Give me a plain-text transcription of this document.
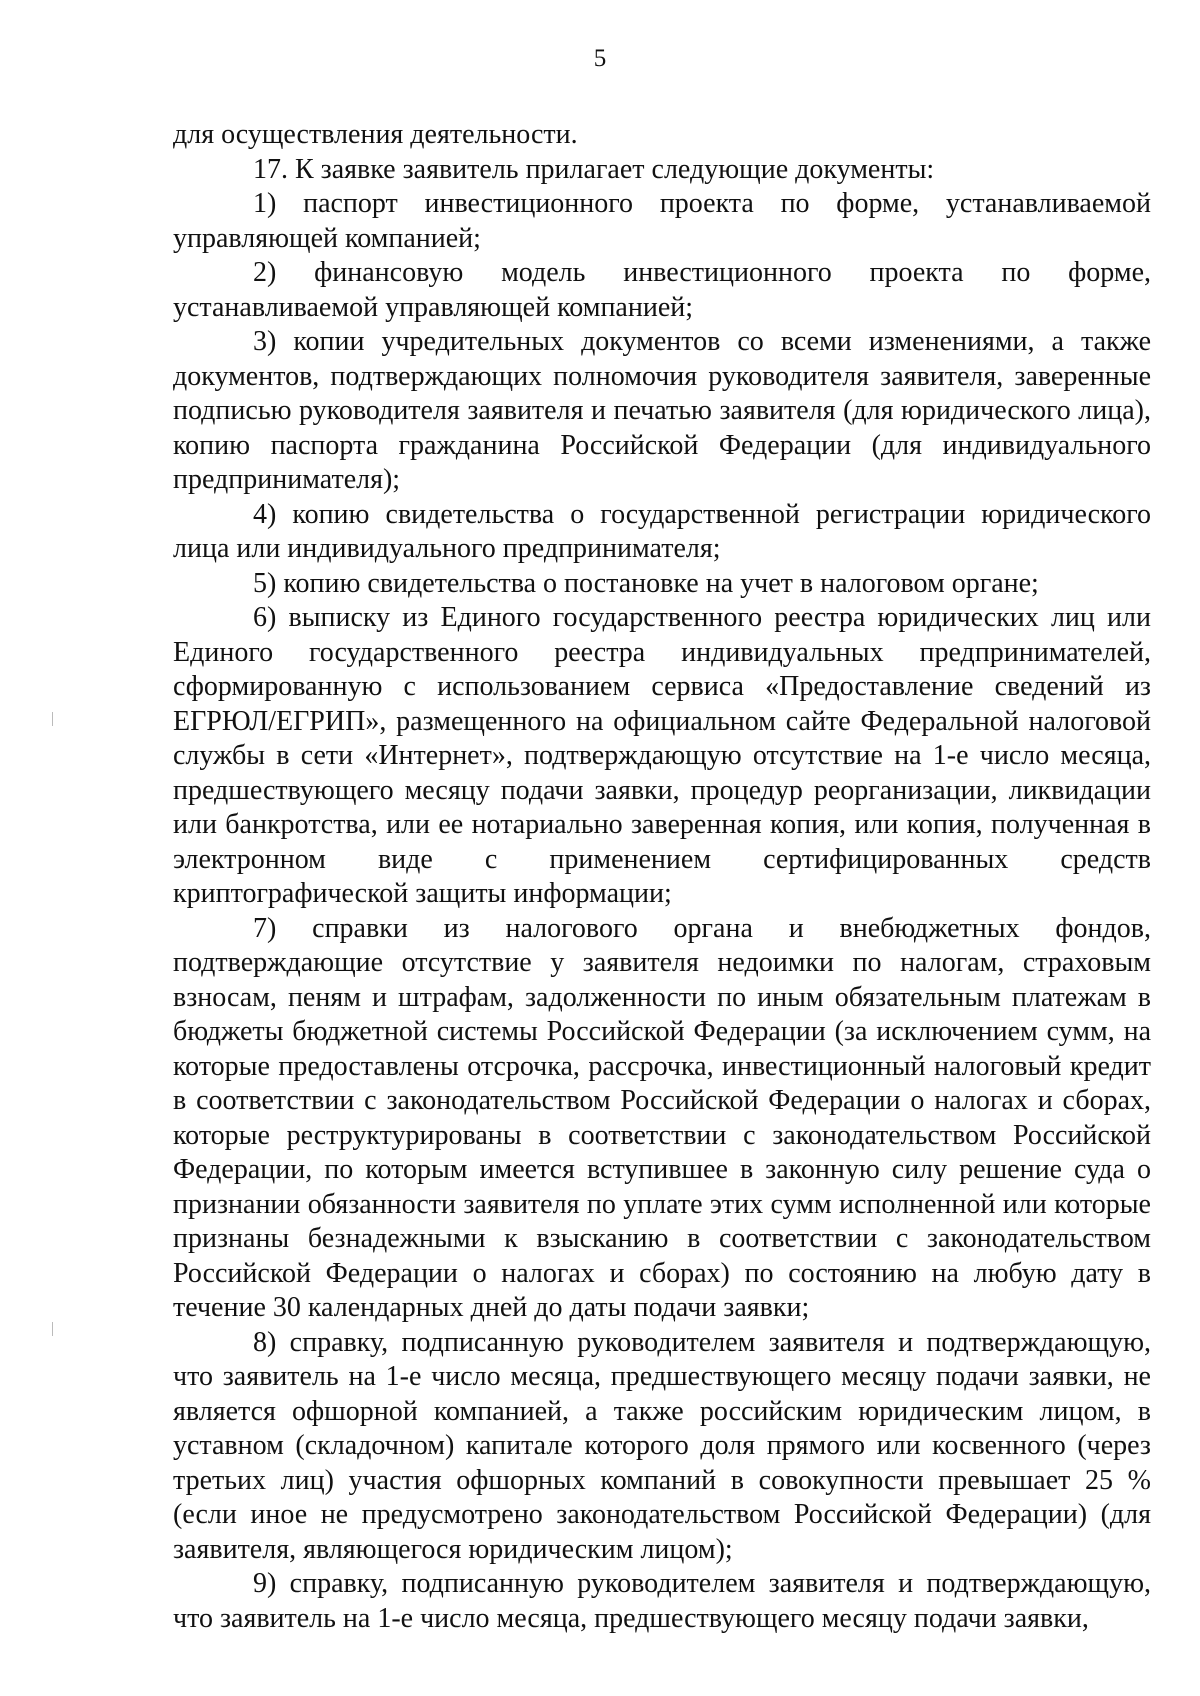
5

для осуществления деятельности.

17. К заявке заявитель прилагает следующие документы:

1) паспорт инвестиционного проекта по форме, устанавливаемой управляющей компанией;

2) финансовую модель инвестиционного проекта по форме, устанавливаемой управляющей компанией;

3) копии учредительных документов со всеми изменениями, а также документов, подтверждающих полномочия руководителя заявителя, заверенные подписью руководителя заявителя и печатью заявителя (для юридического лица), копию паспорта гражданина Российской Федерации (для индивидуального предпринимателя);

4) копию свидетельства о государственной регистрации юридического лица или индивидуального предпринимателя;

5) копию свидетельства о постановке на учет в налоговом органе;

6) выписку из Единого государственного реестра юридических лиц или Единого государственного реестра индивидуальных предпринимателей, сформированную с использованием сервиса «Предоставление сведений из ЕГРЮЛ/ЕГРИП», размещенного на официальном сайте Федеральной налоговой службы в сети «Интернет», подтверждающую отсутствие на 1-е число месяца, предшествующего месяцу подачи заявки, процедур реорганизации, ликвидации или банкротства, или ее нотариально заверенная копия, или копия, полученная в электронном виде с применением сертифицированных средств криптографической защиты информации;

7) справки из налогового органа и внебюджетных фондов, подтверждающие отсутствие у заявителя недоимки по налогам, страховым взносам, пеням и штрафам, задолженности по иным обязательным платежам в бюджеты бюджетной системы Российской Федерации (за исключением сумм, на которые предоставлены отсрочка, рассрочка, инвестиционный налоговый кредит в соответствии с законодательством Российской Федерации о налогах и сборах, которые реструктурированы в соответствии с законодательством Российской Федерации, по которым имеется вступившее в законную силу решение суда о признании обязанности заявителя по уплате этих сумм исполненной или которые признаны безнадежными к взысканию в соответствии с законодательством Российской Федерации о налогах и сборах) по состоянию на любую дату в течение 30 календарных дней до даты подачи заявки;

8) справку, подписанную руководителем заявителя и подтверждающую, что заявитель на 1-е число месяца, предшествующего месяцу подачи заявки, не является офшорной компанией, а также российским юридическим лицом, в уставном (складочном) капитале которого доля прямого или косвенного (через третьих лиц) участия офшорных компаний в совокупности превышает 25 % (если иное не предусмотрено законодательством Российской Федерации) (для заявителя, являющегося юридическим лицом);

9) справку, подписанную руководителем заявителя и подтверждающую, что заявитель на 1-е число месяца, предшествующего месяцу подачи заявки,
